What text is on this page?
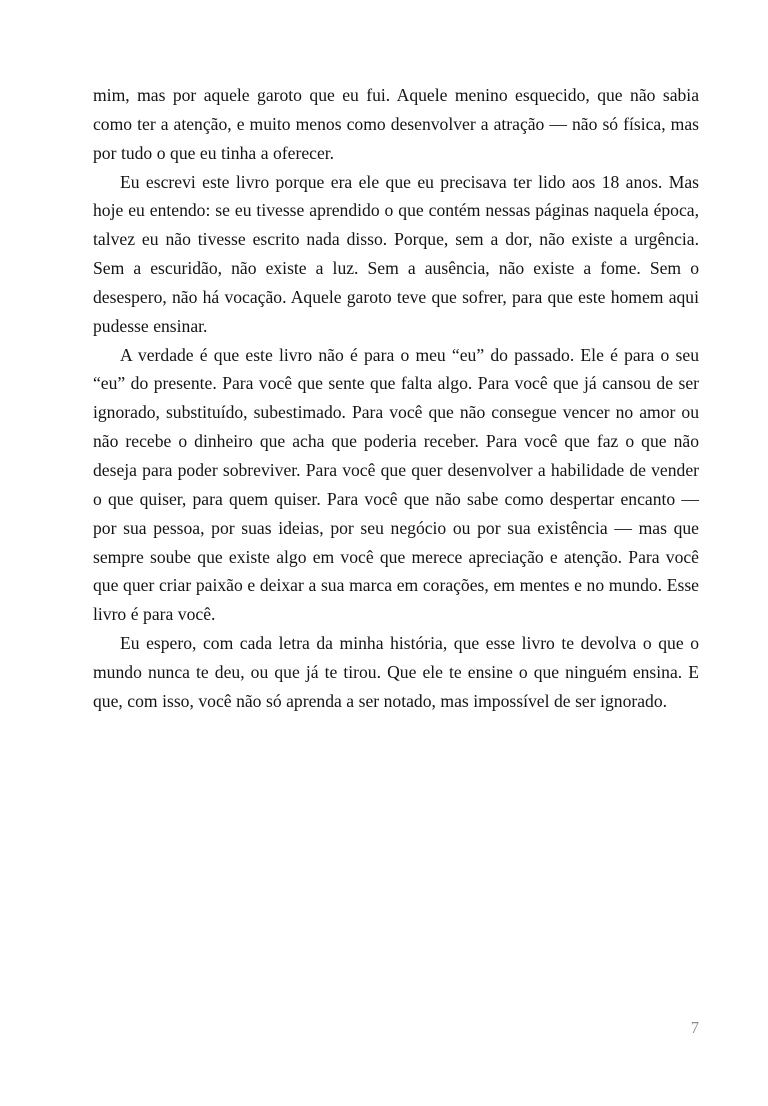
mim, mas por aquele garoto que eu fui. Aquele menino esquecido, que não sabia como ter a atenção, e muito menos como desenvolver a atração — não só física, mas por tudo o que eu tinha a oferecer.

Eu escrevi este livro porque era ele que eu precisava ter lido aos 18 anos. Mas hoje eu entendo: se eu tivesse aprendido o que contém nessas páginas naquela época, talvez eu não tivesse escrito nada disso. Porque, sem a dor, não existe a urgência. Sem a escuridão, não existe a luz. Sem a ausência, não existe a fome. Sem o desespero, não há vocação. Aquele garoto teve que sofrer, para que este homem aqui pudesse ensinar.

A verdade é que este livro não é para o meu “eu” do passado. Ele é para o seu “eu” do presente. Para você que sente que falta algo. Para você que já cansou de ser ignorado, substituído, subestimado. Para você que não consegue vencer no amor ou não recebe o dinheiro que acha que poderia receber. Para você que faz o que não deseja para poder sobreviver. Para você que quer desenvolver a habilidade de vender o que quiser, para quem quiser. Para você que não sabe como despertar encanto — por sua pessoa, por suas ideias, por seu negócio ou por sua existência — mas que sempre soube que existe algo em você que merece apreciação e atenção. Para você que quer criar paixão e deixar a sua marca em corações, em mentes e no mundo. Esse livro é para você.

Eu espero, com cada letra da minha história, que esse livro te devolva o que o mundo nunca te deu, ou que já te tirou. Que ele te ensine o que ninguém ensina. E que, com isso, você não só aprenda a ser notado, mas impossível de ser ignorado.

7
